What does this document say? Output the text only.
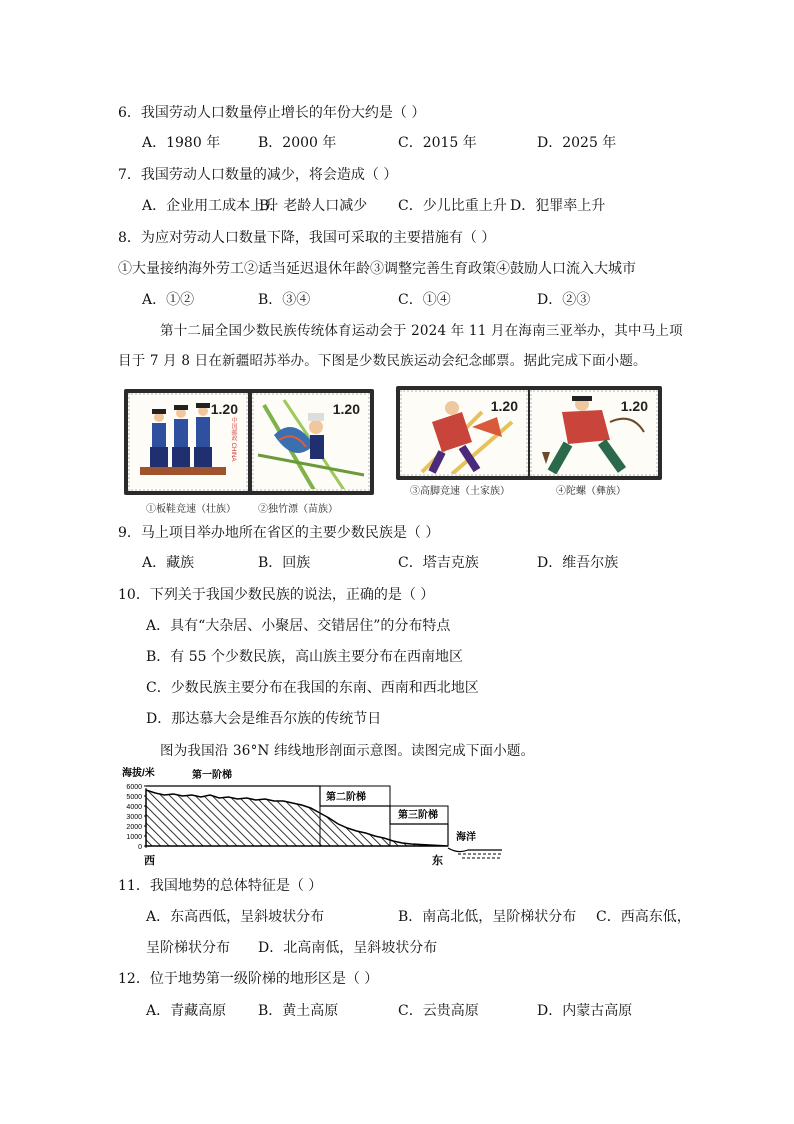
6．我国劳动人口数量停止增长的年份大约是（ ）
A．1980 年	B．2000 年	C．2015 年	D．2025 年
7．我国劳动人口数量的减少，将会造成（ ）
A．企业用工成本上升
B．老龄人口减少 C．少儿比重上升 D．犯罪率上升
8．为应对劳动人口数量下降，我国可采取的主要措施有（ ）
①大量接纳海外劳工②适当延迟退休年龄③调整完善生育政策④鼓励人口流入大城市
A．①②	B．③④	C．①④	D．②③
第十二届全国少数民族传统体育运动会于 2024 年 11 月在海南三亚举办，其中马上项
目于 7 月 8 日在新疆昭苏举办。下图是少数民族运动会纪念邮票。据此完成下面小题。
1.20
中国邮政 CHINA
1.20
①板鞋竞速（壮族） ②独竹漂（苗族）
1.20	1.20
③高脚竞速（土家族）	④陀螺（彝族）
9．马上项目举办地所在省区的主要少数民族是（ ）
A．藏族	B．回族	C．塔吉克族	D．维吾尔族
10．下列关于我国少数民族的说法，正确的是（ ）
A．具有“大杂居、小聚居、交错居住”的分布特点
B．有 55 个少数民族，高山族主要分布在西南地区
C．少数民族主要分布在我国的东南、西南和西北地区
D．那达慕大会是维吾尔族的传统节日
图为我国沿 36°N 纬线地形剖面示意图。读图完成下面小题。
海拔/米
0
1000
2000
3000
4000
5000
6000
第一阶梯
第二阶梯
第三阶梯
海洋
西	东
11．我国地势的总体特征是（ ）
A．东高西低，呈斜坡状分布	B．南高北低，呈阶梯状分布 C．西高东低，
呈阶梯状分布 D．北高南低，呈斜坡状分布
12．位于地势第一级阶梯的地形区是（ ）
A．青藏高原 B．黄土高原	C．云贵高原	D．内蒙古高原
